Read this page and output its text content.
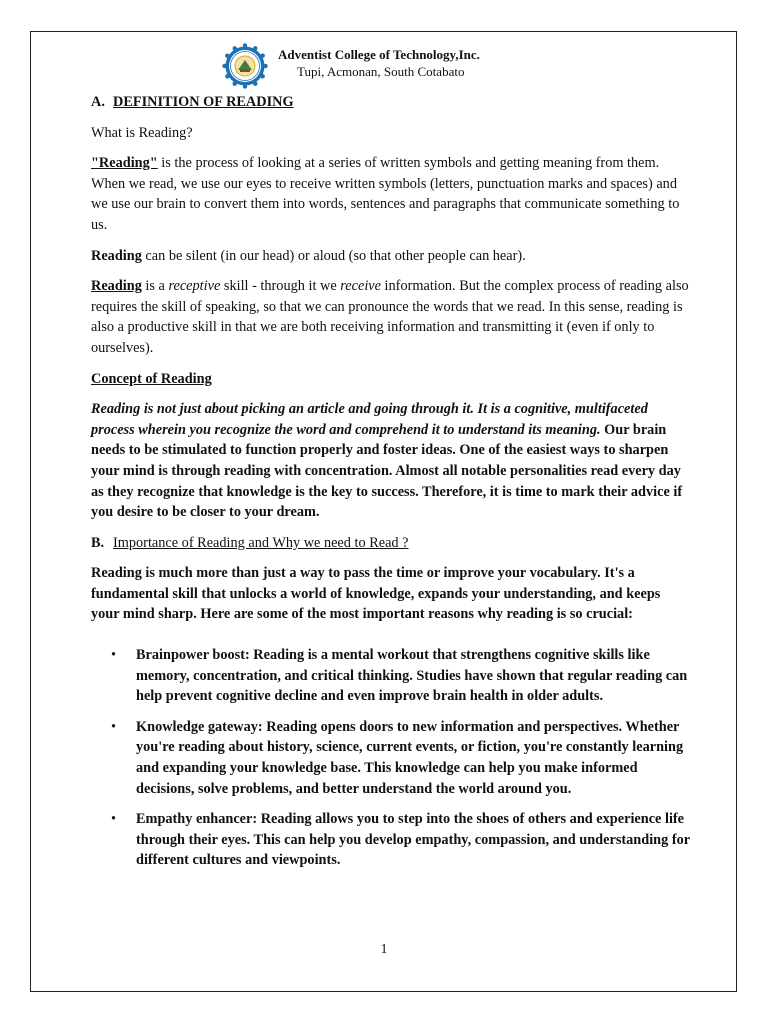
Adventist College of Technology,Inc.
Tupi, Acmonan, South Cotabato

A. DEFINITION OF READING

What is Reading?

"Reading" is the process of looking at a series of written symbols and getting meaning from them. When we read, we use our eyes to receive written symbols (letters, punctuation marks and spaces) and we use our brain to convert them into words, sentences and paragraphs that communicate something to us.

Reading can be silent (in our head) or aloud (so that other people can hear).

Reading is a receptive skill - through it we receive information. But the complex process of reading also requires the skill of speaking, so that we can pronounce the words that we read. In this sense, reading is also a productive skill in that we are both receiving information and transmitting it (even if only to ourselves).

Concept of Reading

Reading is not just about picking an article and going through it. It is a cognitive, multifaceted process wherein you recognize the word and comprehend it to understand its meaning. Our brain needs to be stimulated to function properly and foster ideas. One of the easiest ways to sharpen your mind is through reading with concentration. Almost all notable personalities read every day as they recognize that knowledge is the key to success. Therefore, it is time to mark their advice if you desire to be closer to your dream.

B. Importance of Reading and Why we need to Read ?

Reading is much more than just a way to pass the time or improve your vocabulary. It's a fundamental skill that unlocks a world of knowledge, expands your understanding, and keeps your mind sharp. Here are some of the most important reasons why reading is so crucial:

• Brainpower boost: Reading is a mental workout that strengthens cognitive skills like memory, concentration, and critical thinking. Studies have shown that regular reading can help prevent cognitive decline and even improve brain health in older adults.
• Knowledge gateway: Reading opens doors to new information and perspectives. Whether you're reading about history, science, current events, or fiction, you're constantly learning and expanding your knowledge base. This knowledge can help you make informed decisions, solve problems, and better understand the world around you.
• Empathy enhancer: Reading allows you to step into the shoes of others and experience life through their eyes. This can help you develop empathy, compassion, and understanding for different cultures and viewpoints.
1
